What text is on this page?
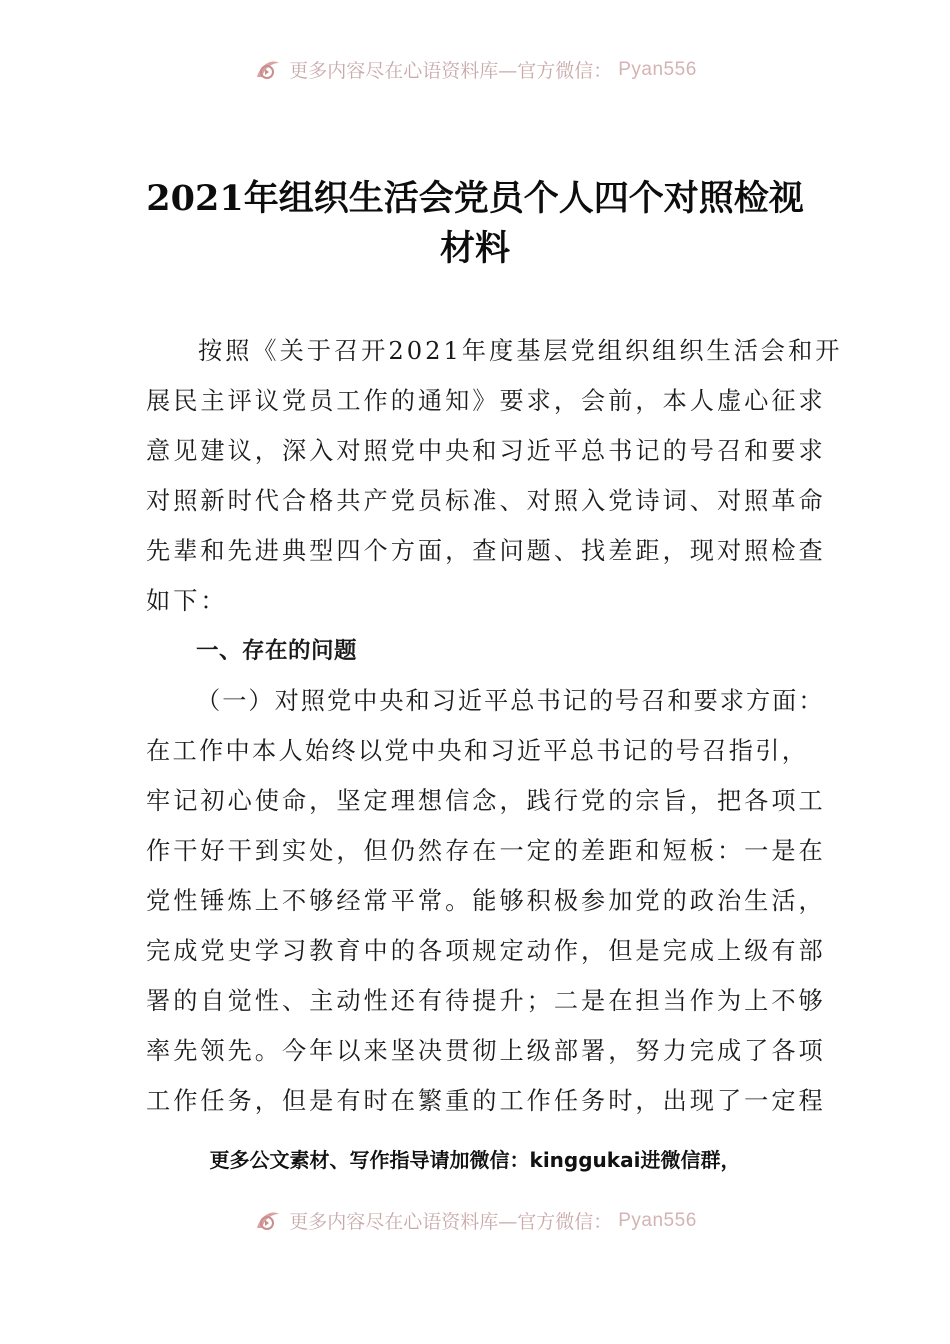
更多内容尽在心语资料库—官方微信： Pyan556
2021年组织生活会党员个人四个对照检视
材料
按照《关于召开2021年度基层党组织组织生活会和开
展民主评议党员工作的通知》要求，会前，本人虚心征求
意见建议，深入对照党中央和习近平总书记的号召和要求
对照新时代合格共产党员标准、对照入党诗词、对照革命
先辈和先进典型四个方面，查问题、找差距，现对照检查
如下：
一、存在的问题
（一）对照党中央和习近平总书记的号召和要求方面：
在工作中本人始终以党中央和习近平总书记的号召指引，
牢记初心使命，坚定理想信念，践行党的宗旨，把各项工
作干好干到实处，但仍然存在一定的差距和短板：一是在
党性锤炼上不够经常平常。能够积极参加党的政治生活，
完成党史学习教育中的各项规定动作，但是完成上级有部
署的自觉性、主动性还有待提升；二是在担当作为上不够
率先领先。今年以来坚决贯彻上级部署，努力完成了各项
工作任务，但是有时在繁重的工作任务时，出现了一定程
更多公文素材、写作指导请加微信：kinggukai进微信群，
更多内容尽在心语资料库—官方微信： Pyan556
